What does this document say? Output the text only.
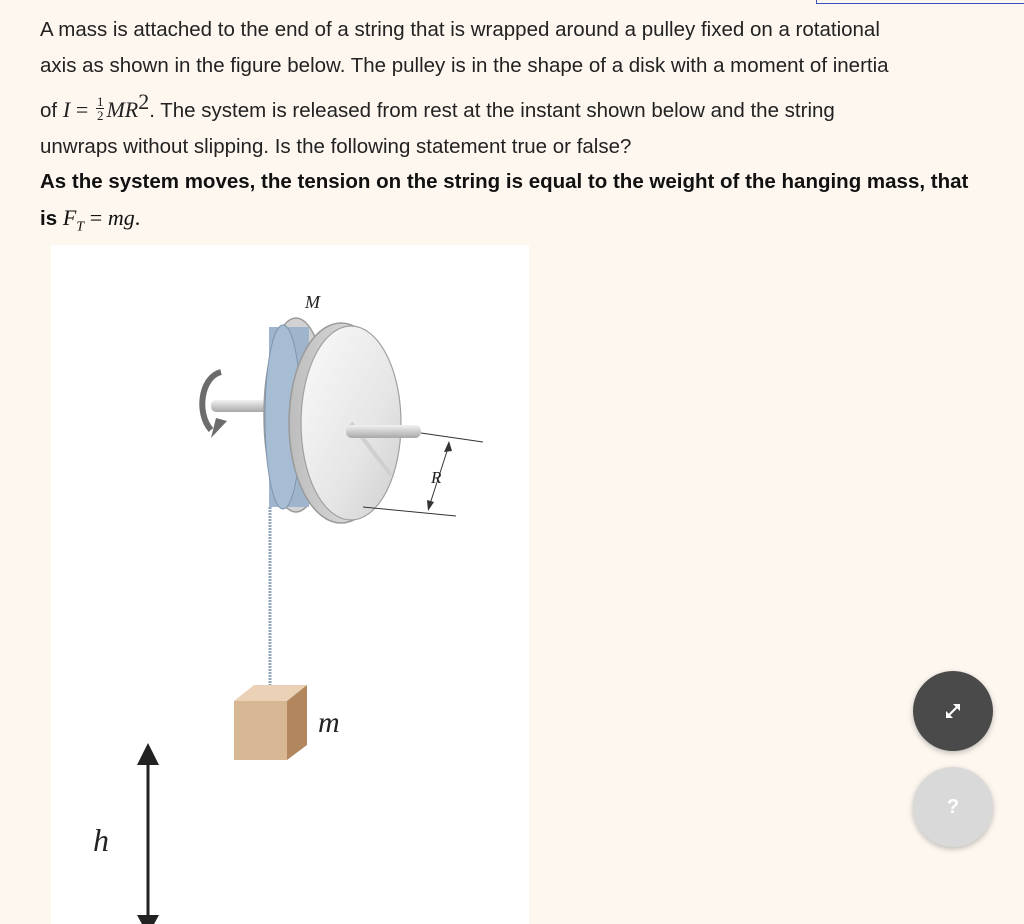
A mass is attached to the end of a string that is wrapped around a pulley fixed on a rotational
axis as shown in the figure below. The pulley is in the shape of a disk with a moment of inertia
of $I = \frac{1}{2} MR^2$. The system is released from rest at the instant shown below and the string
unwraps without slipping. Is the following statement true or false?
As the system moves, the tension on the string is equal to the weight of the hanging mass, that
is $F_T$ = mg.
R
M
m
h
?
